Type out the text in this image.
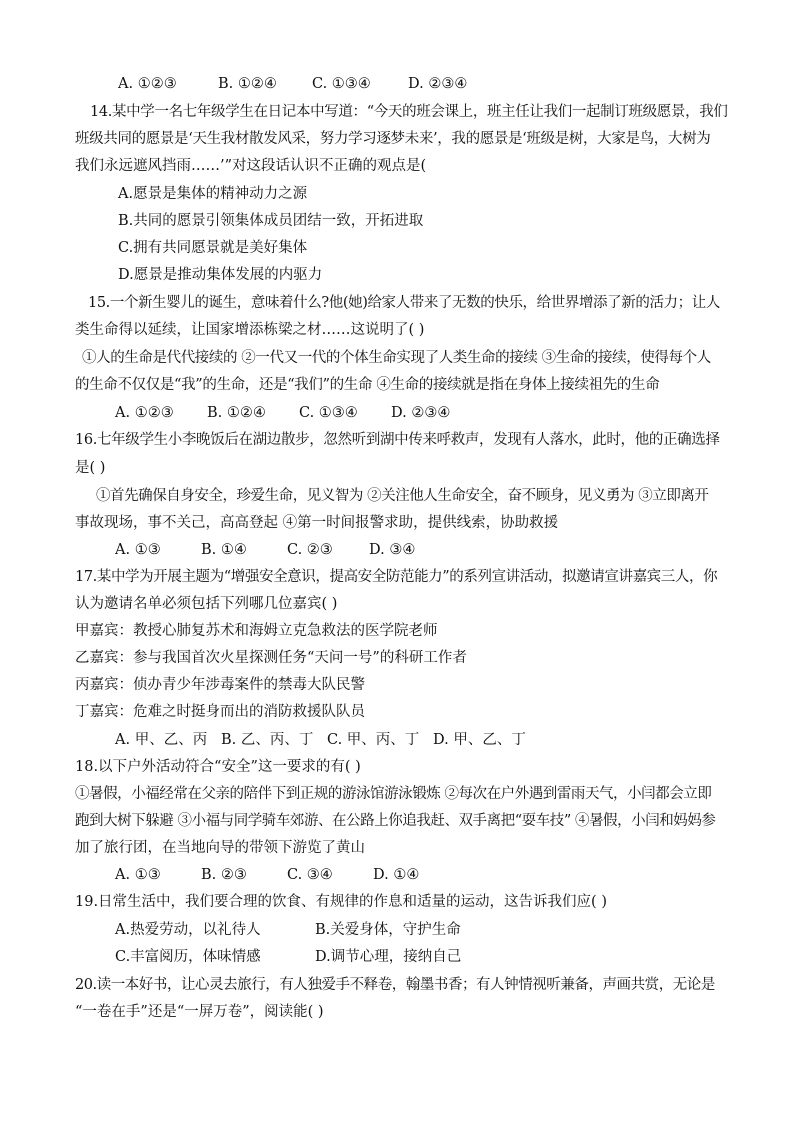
A. ①②③	B. ①②④ C. ①③④	D. ②③④
14.某中学一名七年级学生在日记本中写道：“今天的班会课上，班主任让我们一起制订班级愿景，我们
班级共同的愿景是‘天生我材散发风采，努力学习逐梦未来’，我的愿景是‘班级是树，大家是鸟，大树为
我们永远遮风挡雨……’”对这段话认识不正确的观点是(
A.愿景是集体的精神动力之源
B.共同的愿景引领集体成员团结一致，开拓进取
C.拥有共同愿景就是美好集体
D.愿景是推动集体发展的内驱力
15.一个新生婴儿的诞生，意味着什么?他(她)给家人带来了无数的快乐，给世界增添了新的活力；让人
类生命得以延续，让国家增添栋梁之材……这说明了( )
①人的生命是代代接续的 ②一代又一代的个体生命实现了人类生命的接续 ③生命的接续，使得每个人
的生命不仅仅是“我”的生命，还是“我们”的生命 ④生命的接续就是指在身体上接续祖先的生命
A. ①②③ B. ①②④ C. ①③④ D. ②③④
16.七年级学生小李晚饭后在湖边散步，忽然听到湖中传来呼救声，发现有人落水，此时，他的正确选择
是( )
①首先确保自身安全，珍爱生命，见义智为 ②关注他人生命安全，奋不顾身，见义勇为 ③立即离开
事故现场，事不关己，高高登起 ④第一时间报警求助，提供线索，协助救援
A. ①③	B. ①④	C. ②③ D. ③④
17.某中学为开展主题为“增强安全意识，提高安全防范能力”的系列宣讲活动，拟邀请宣讲嘉宾三人，你
认为邀请名单必须包括下列哪几位嘉宾( )
甲嘉宾：教授心肺复苏术和海姆立克急救法的医学院老师
乙嘉宾：参与我国首次火星探测任务“天问一号”的科研工作者
丙嘉宾：侦办青少年涉毒案件的禁毒大队民警
丁嘉宾：危难之时挺身而出的消防救援队队员
A. 甲、乙、丙 B. 乙、丙、丁 C. 甲、丙、丁 D. 甲、乙、丁
18.以下户外活动符合“安全”这一要求的有( )
①暑假，小福经常在父亲的陪伴下到正规的游泳馆游泳锻炼 ②每次在户外遇到雷雨天气，小闫都会立即
跑到大树下躲避 ③小福与同学骑车郊游、在公路上你追我赶、双手离把“耍车技” ④暑假，小闫和妈妈参
加了旅行团，在当地向导的带领下游览了黄山
A. ①③	B. ②③	C. ③④	D. ①④
19.日常生活中，我们要合理的饮食、有规律的作息和适量的运动，这告诉我们应( )
A.热爱劳动，以礼待人	B.关爱身体，守护生命
C.丰富阅历，体味情感	D.调节心理，接纳自己
20.读一本好书，让心灵去旅行，有人独爱手不释卷，翰墨书香；有人钟情视听兼备，声画共赏，无论是
“一卷在手”还是“一屏万卷”，阅读能( )
